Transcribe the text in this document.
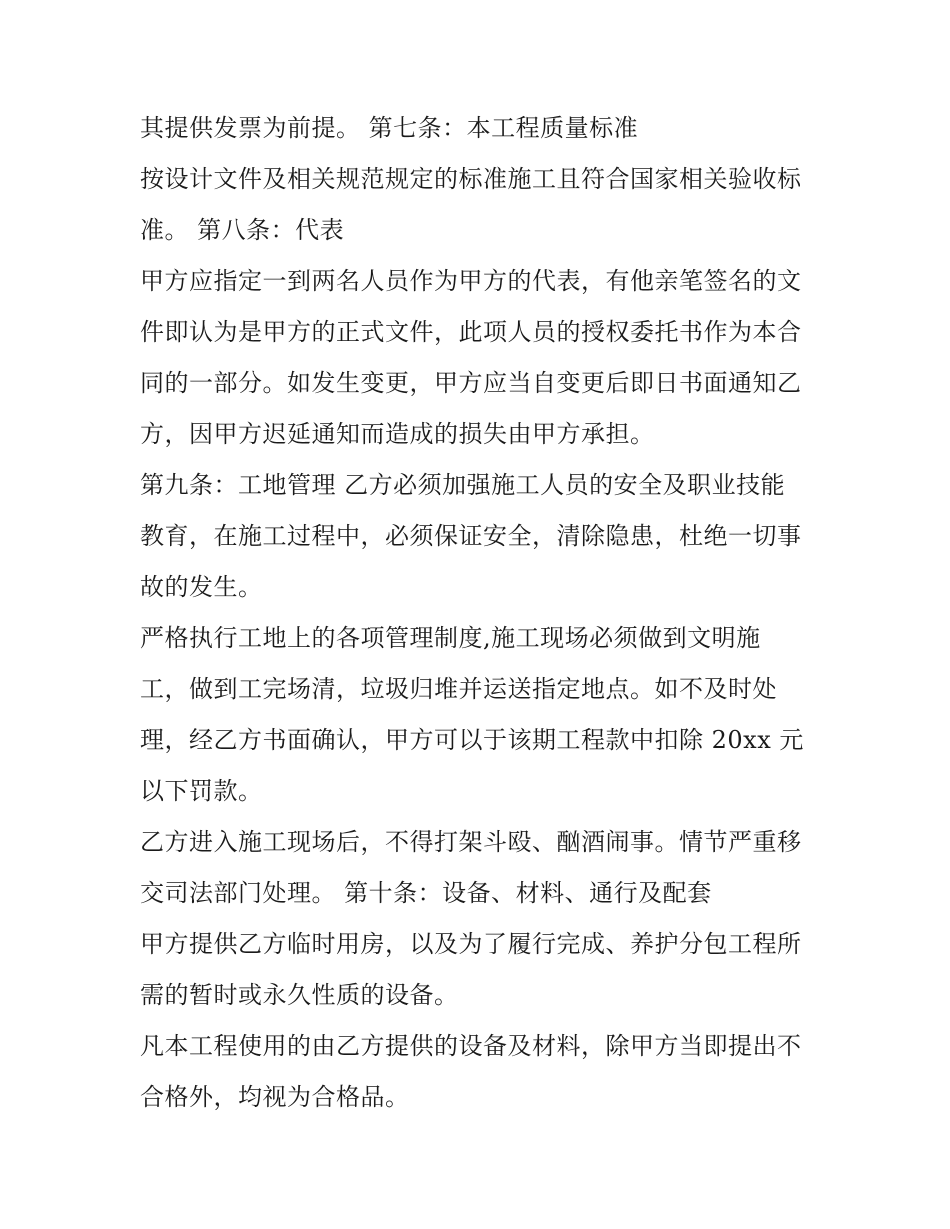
其提供发票为前提。 第七条：本工程质量标准
按设计文件及相关规范规定的标准施工且符合国家相关验收标
准。 第八条：代表
甲方应指定一到两名人员作为甲方的代表，有他亲笔签名的文
件即认为是甲方的正式文件，此项人员的授权委托书作为本合
同的一部分。如发生变更，甲方应当自变更后即日书面通知乙
方，因甲方迟延通知而造成的损失由甲方承担。
第九条：工地管理 乙方必须加强施工人员的安全及职业技能
教育，在施工过程中，必须保证安全，清除隐患，杜绝一切事
故的发生。
严格执行工地上的各项管理制度,施工现场必须做到文明施
工，做到工完场清，垃圾归堆并运送指定地点。如不及时处
理，经乙方书面确认，甲方可以于该期工程款中扣除 20xx 元
以下罚款。
乙方进入施工现场后，不得打架斗殴、酗酒闹事。情节严重移
交司法部门处理。 第十条：设备、材料、通行及配套
甲方提供乙方临时用房，以及为了履行完成、养护分包工程所
需的暂时或永久性质的设备。
凡本工程使用的由乙方提供的设备及材料，除甲方当即提出不
合格外，均视为合格品。
